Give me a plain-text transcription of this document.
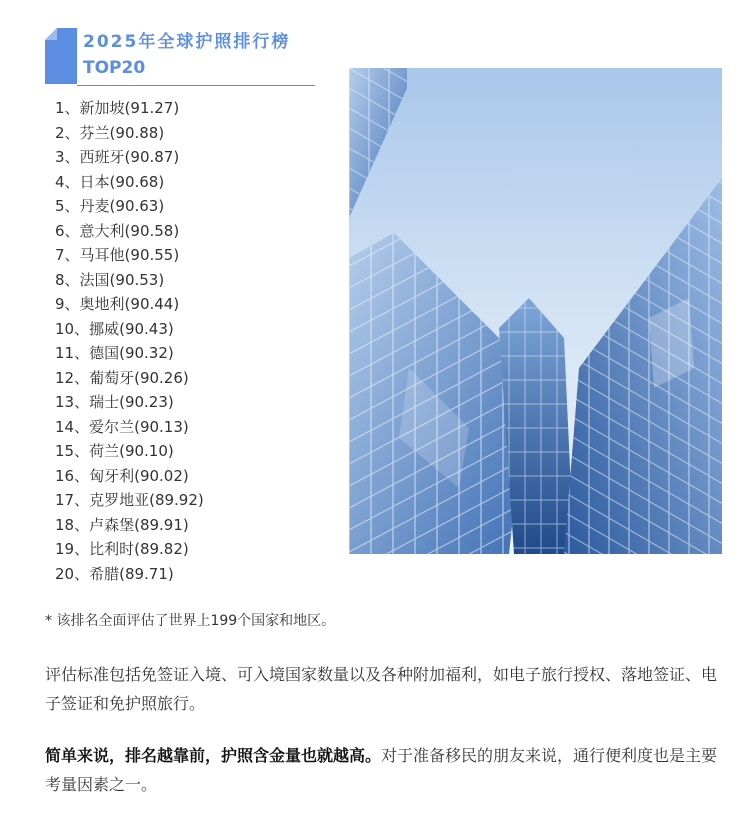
2025年全球护照排行榜
TOP20
1、新加坡(91.27)
2、芬兰(90.88)
3、西班牙(90.87)
4、日本(90.68)
5、丹麦(90.63)
6、意大利(90.58)
7、马耳他(90.55)
8、法国(90.53)
9、奥地利(90.44)
10、挪威(90.43)
11、德国(90.32)
12、葡萄牙(90.26)
13、瑞士(90.23)
14、爱尔兰(90.13)
15、荷兰(90.10)
16、匈牙利(90.02)
17、克罗地亚(89.92)
18、卢森堡(89.91)
19、比利时(89.82)
20、希腊(89.71)
* 该排名全面评估了世界上199个国家和地区。

评估标准包括免签证入境、可入境国家数量以及各种附加福利，如电子旅行授权、落地签证、电子签证和免护照旅行。

简单来说，排名越靠前，护照含金量也就越高。对于准备移民的朋友来说，通行便利度也是主要考量因素之一。
